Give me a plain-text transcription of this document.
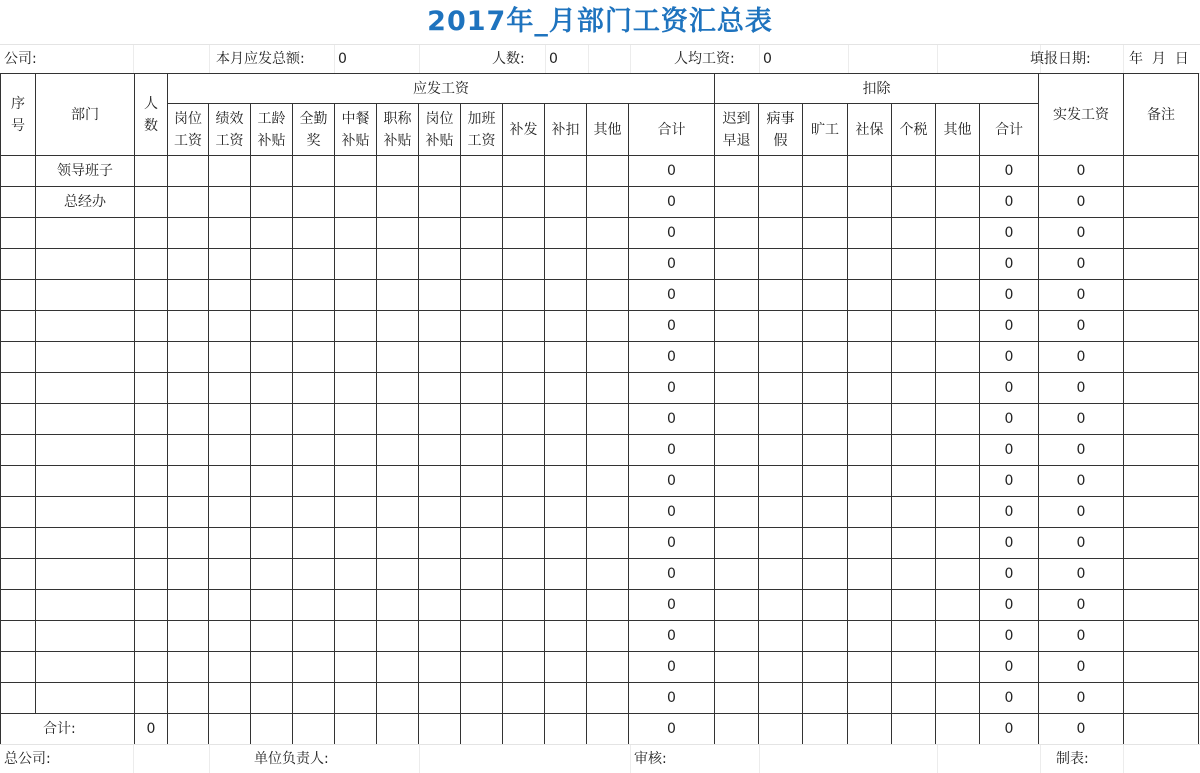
2017年_月部门工资汇总表
公司:	本月应发总额: 0	人数: 0	人均工资: 0	填报日期:	年  月  日
序号	部门	人数	应发工资												扣除							实发工资	备注
			岗位工资	绩效工资	工龄补贴	全勤奖	中餐补贴	职称补贴	岗位补贴	加班工资	补发	补扣	其他	合计	迟到早退	病事假	旷工	社保	个税	其他	合计		
	领导班子													0							0	0	
	总经办													0							0	0	
														0							0	0	
														0							0	0	
														0							0	0	
														0							0	0	
														0							0	0	
														0							0	0	
														0							0	0	
														0							0	0	
														0							0	0	
														0							0	0	
														0							0	0	
														0							0	0	
														0							0	0	
														0							0	0	
														0							0	0	
														0							0	0	
合计:		0												0							0	0	
总公司:	单位负责人:	审核:	制表:
